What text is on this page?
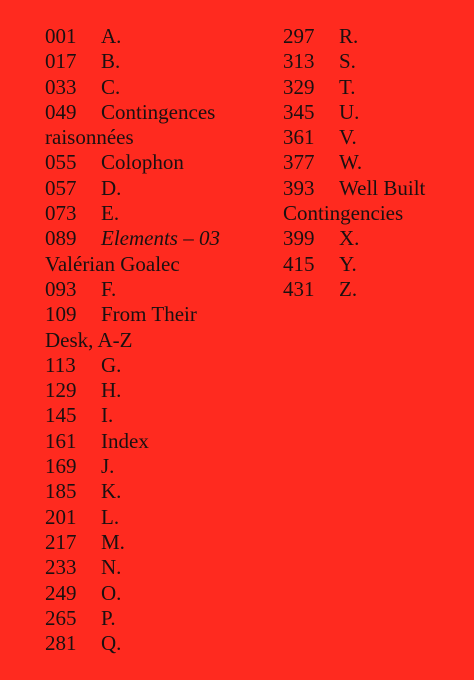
001 A.

017 B.

033 C.

049 Contingences
raisonnées

055 Colophon

057 D.

073 E.

089 Elements – 03
Valérian Goalec

093 F.

109 From Their
Desk, A-Z

113 G.

129 H.

145 I.

161 Index

169 J.

185 K.

201 L.

217 M.

233 N.

249 O.

265 P.

281 Q.

297 R.

313 S.

329 T.

345 U.

361 V.

377 W.

393 Well Built
Contingencies

399 X.

415 Y.

431 Z.
